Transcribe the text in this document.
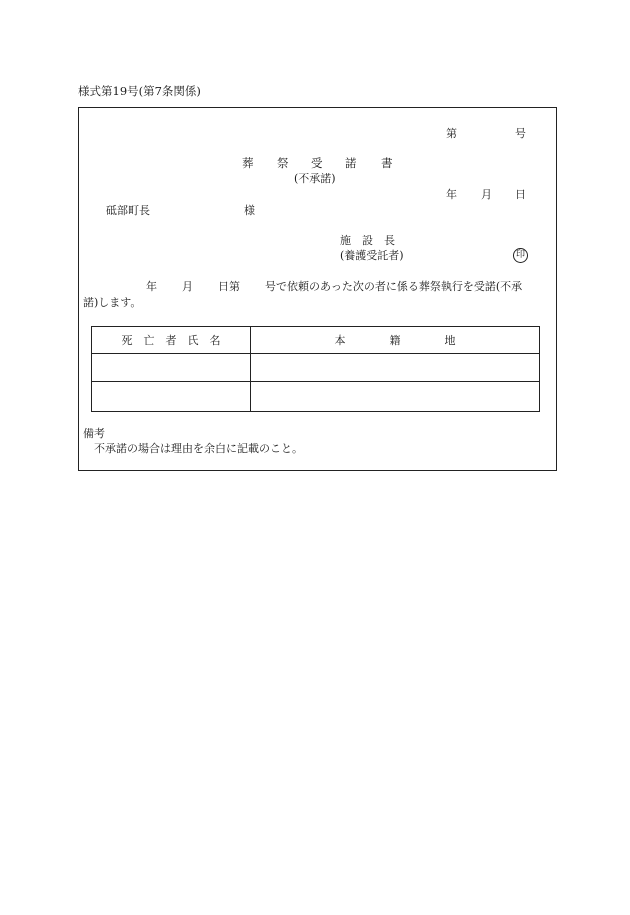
様式第19号(第7条関係)
第	号
葬 祭 受 諾 書
(不承諾)
年 月 日
砥部町長	様
施 設 長
(養護受託者)	印
年 月 日第 号で依頼のあった次の者に係る葬祭執行を受諾(不承
諾)します。
死　亡　者　氏　名	本　　　　籍　　　　地

備考
不承諾の場合は理由を余白に記載のこと。
